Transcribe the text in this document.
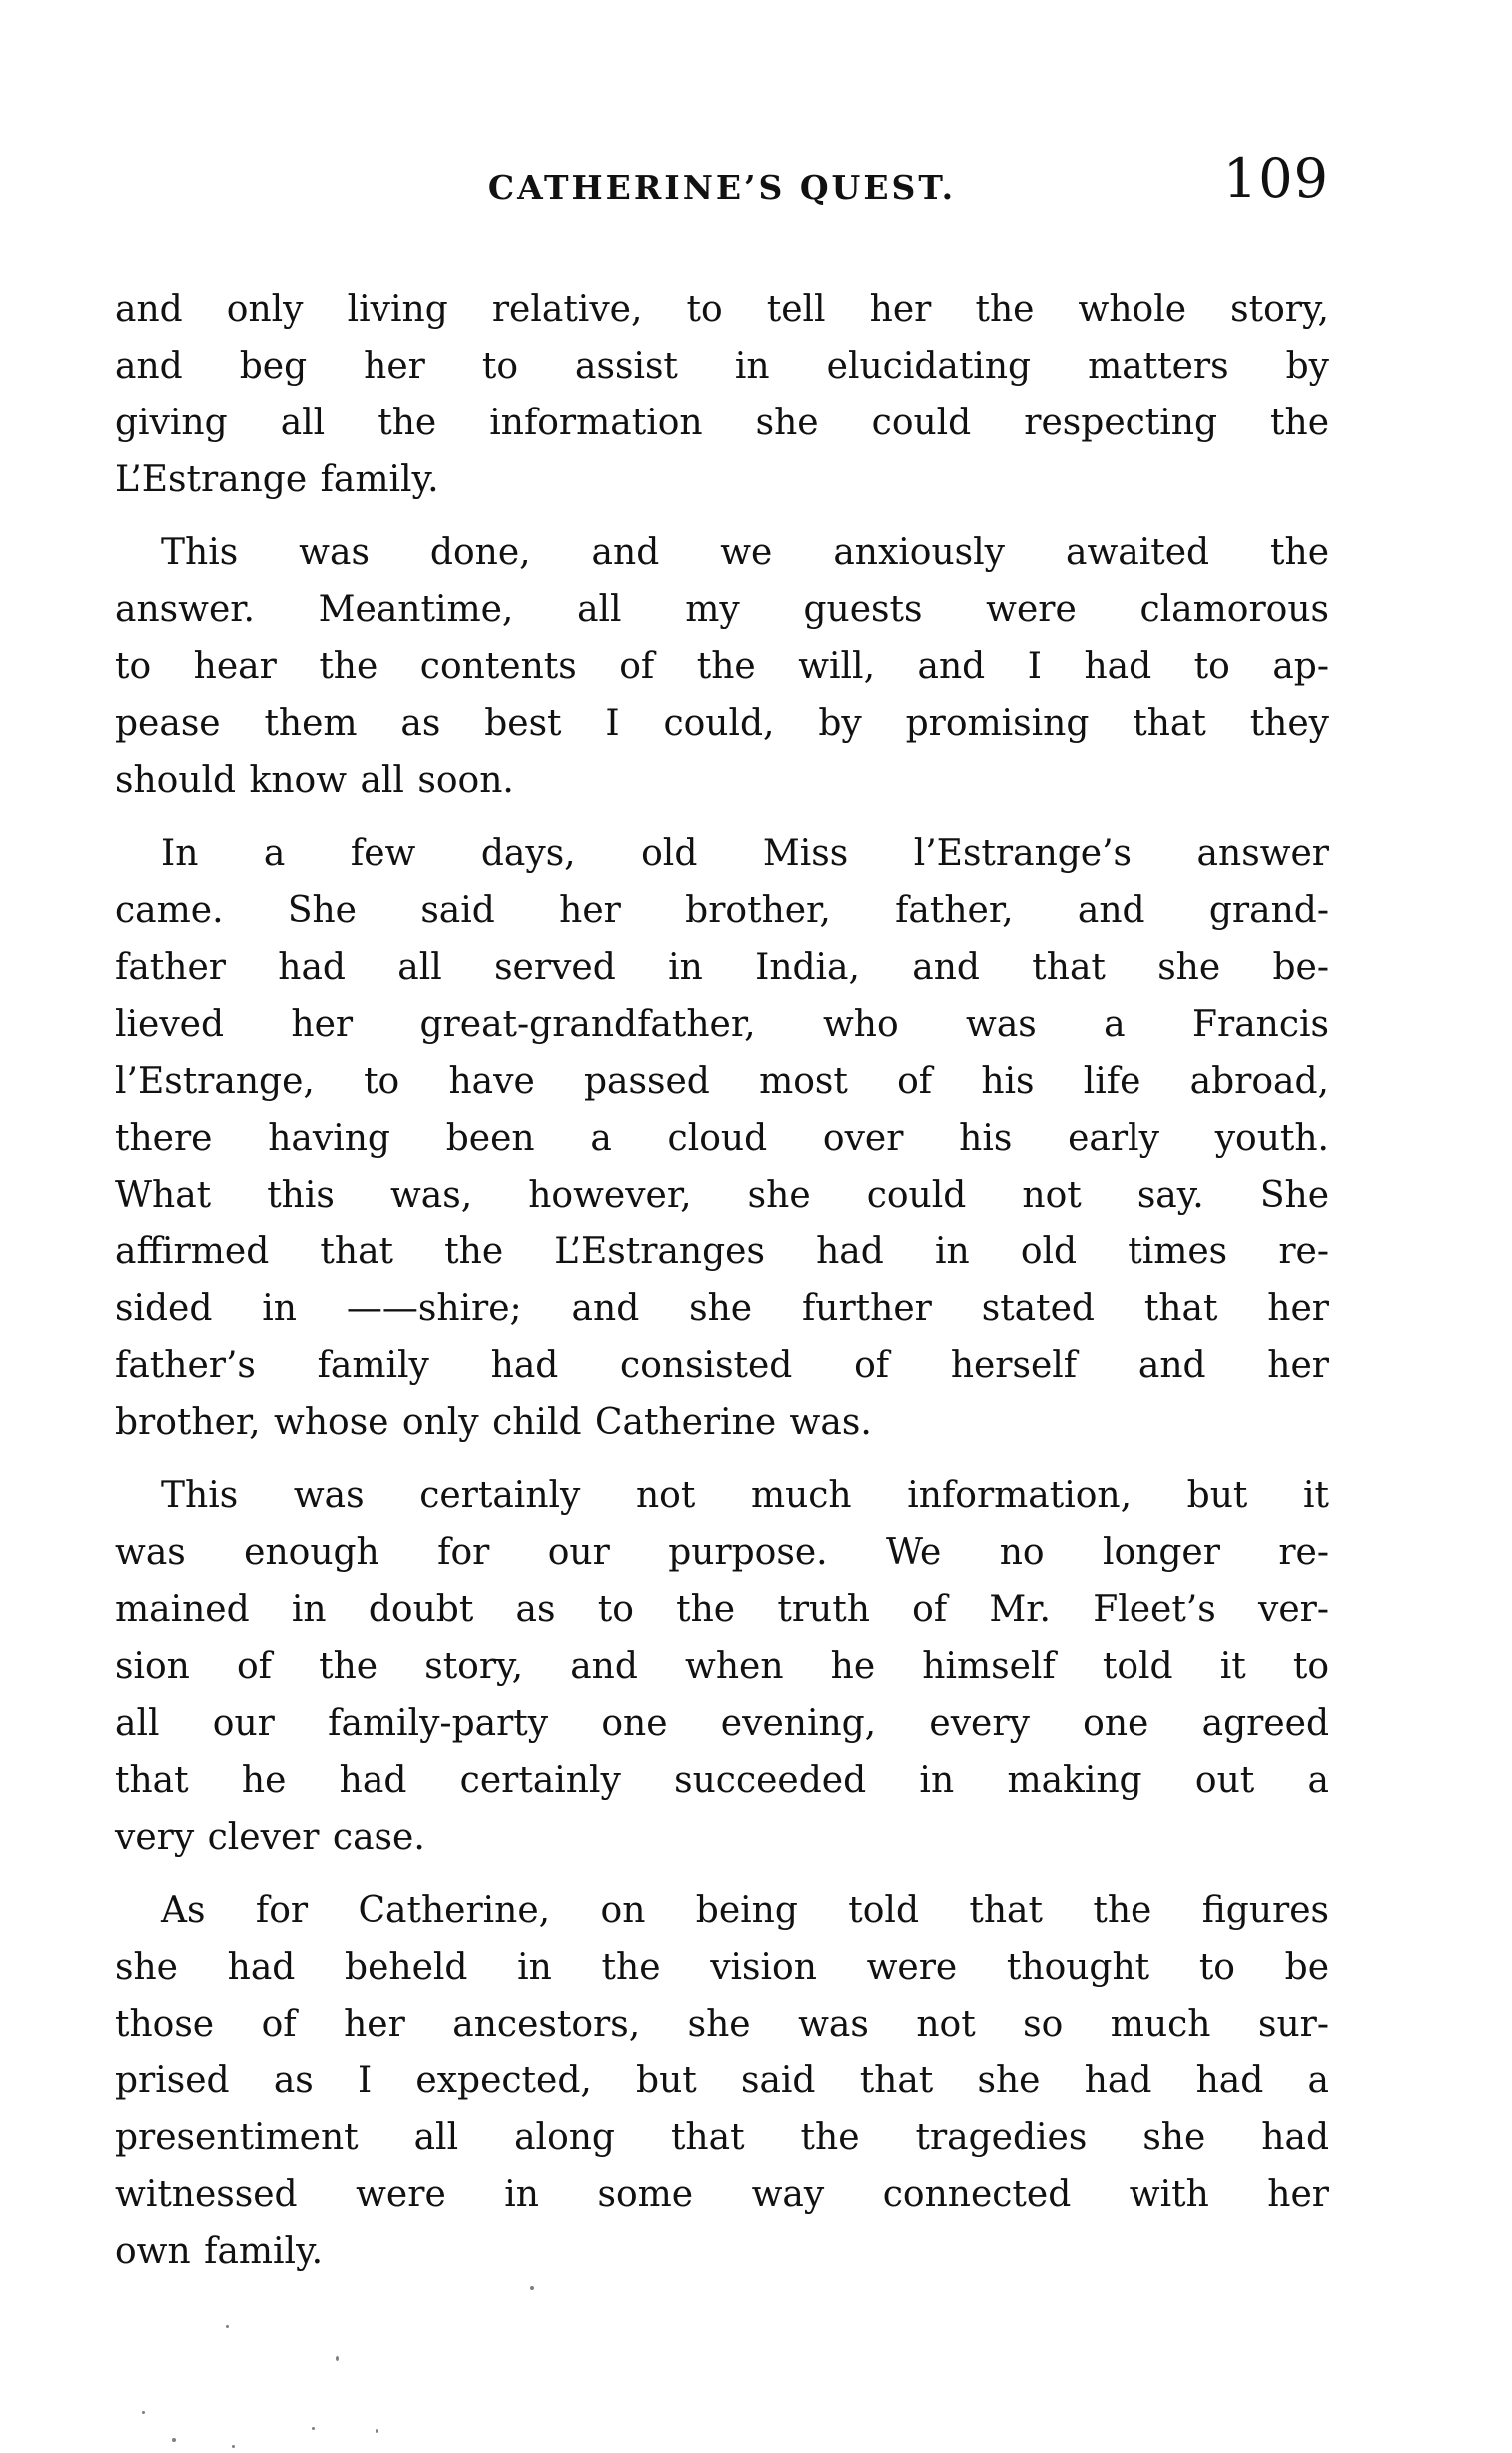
CATHERINE’S QUEST.	109

and only living relative, to tell her the whole story,
and beg her to assist in elucidating matters by
giving all the information she could respecting the
L’Estrange family.

This was done, and we anxiously awaited the
answer. Meantime, all my guests were clamorous
to hear the contents of the will, and I had to ap-
pease them as best I could, by promising that they
should know all soon.

In a few days, old Miss l’Estrange’s answer
came. She said her brother, father, and grand-
father had all served in India, and that she be-
lieved her great-grandfather, who was a Francis
l’Estrange, to have passed most of his life abroad,
there having been a cloud over his early youth.
What this was, however, she could not say. She
affirmed that the L’Estranges had in old times re-
sided in ——shire; and she further stated that her
father’s family had consisted of herself and her
brother, whose only child Catherine was.

This was certainly not much information, but it
was enough for our purpose. We no longer re-
mained in doubt as to the truth of Mr. Fleet’s ver-
sion of the story, and when he himself told it to
all our family-party one evening, every one agreed
that he had certainly succeeded in making out a
very clever case.

As for Catherine, on being told that the figures
she had beheld in the vision were thought to be
those of her ancestors, she was not so much sur-
prised as I expected, but said that she had had a
presentiment all along that the tragedies she had
witnessed were in some way connected with her
own family.
